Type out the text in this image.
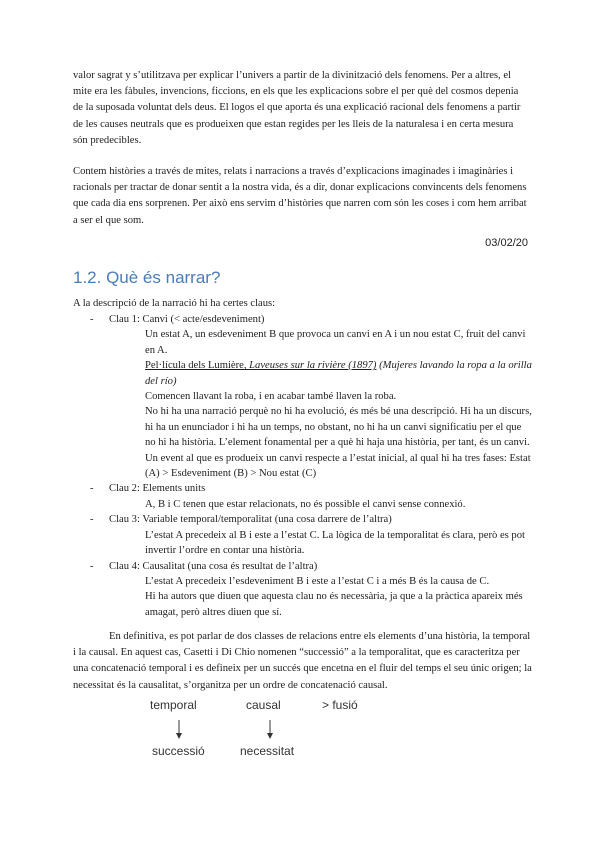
valor sagrat y s’utilitzava per explicar l’univers a partir de la divinització dels fenomens. Per a altres, el mite era les fàbules, invencions, ficcions, en els que les explicacions sobre el per què del cosmos depenia de la suposada voluntat dels deus. El logos el que aporta és una explicació racional dels fenomens a partir de les causes neutrals que es produeixen que estan regides per les lleis de la naturalesa i en certa mesura són predecibles.

Contem històries a través de mites, relats i narracions a través d’explicacions imaginades i imaginàries i racionals per tractar de donar sentit a la nostra vida, és a dir, donar explicacions convincents dels fenomens que cada dia ens sorprenen. Per això ens servim d’històries que narren com són les coses i com hem arribat a ser el que som.

03/02/20
1.2. Què és narrar?

A la descripció de la narració hi ha certes claus:

- Clau 1: Canvi (< acte/esdeveniment)
Un estat A, un esdeveniment B que provoca un canvi en A i un nou estat C, fruit del canvi en A.
Pel·lícula dels Lumière, Laveuses sur la rivière (1897) (Mujeres lavando la ropa a la orilla del río)
Comencen llavant la roba, i en acabar també llaven la roba.
No hi ha una narració perquè no hi ha evolució, és més bé una descripció. Hi ha un discurs, hi ha un enunciador i hi ha un temps, no obstant, no hi ha un canvi significatiu per el que no hi ha història. L’element fonamental per a què hi haja una història, per tant, és un canvi. Un event al que es produeix un canvi respecte a l’estat inicial, al qual hi ha tres fases: Estat (A) > Esdeveniment (B) > Nou estat (C)
- Clau 2: Elements units
A, B i C tenen que estar relacionats, no és possible el canvi sense connexió.
- Clau 3: Variable temporal/temporalitat (una cosa darrere de l’altra)
L’estat A precedeix al B i este a l’estat C. La lògica de la temporalitat és clara, però es pot invertir l’ordre en contar una història.
- Clau 4: Causalitat (una cosa és resultat de l’altra)
L’estat A precedeix l’esdeveniment B i este a l’estat C i a més B és la causa de C.
Hi ha autors que diuen que aquesta clau no és necessària, ja que a la pràctica apareix més amagat, però altres diuen que sí.

En definitiva, es pot parlar de dos classes de relacions entre els elements d’una història, la temporal i la causal. En aquest cas, Casetti i Di Chio nomenen “successió” a la temporalitat, que es caracteritza per una concatenació temporal i es defineix per un succés que encetna en el fluir del temps el seu únic origen; la necessitat és la causalitat, s’organitza per un ordre de concatenació causal.

temporal	causal	> fusió
successió	necessitat
